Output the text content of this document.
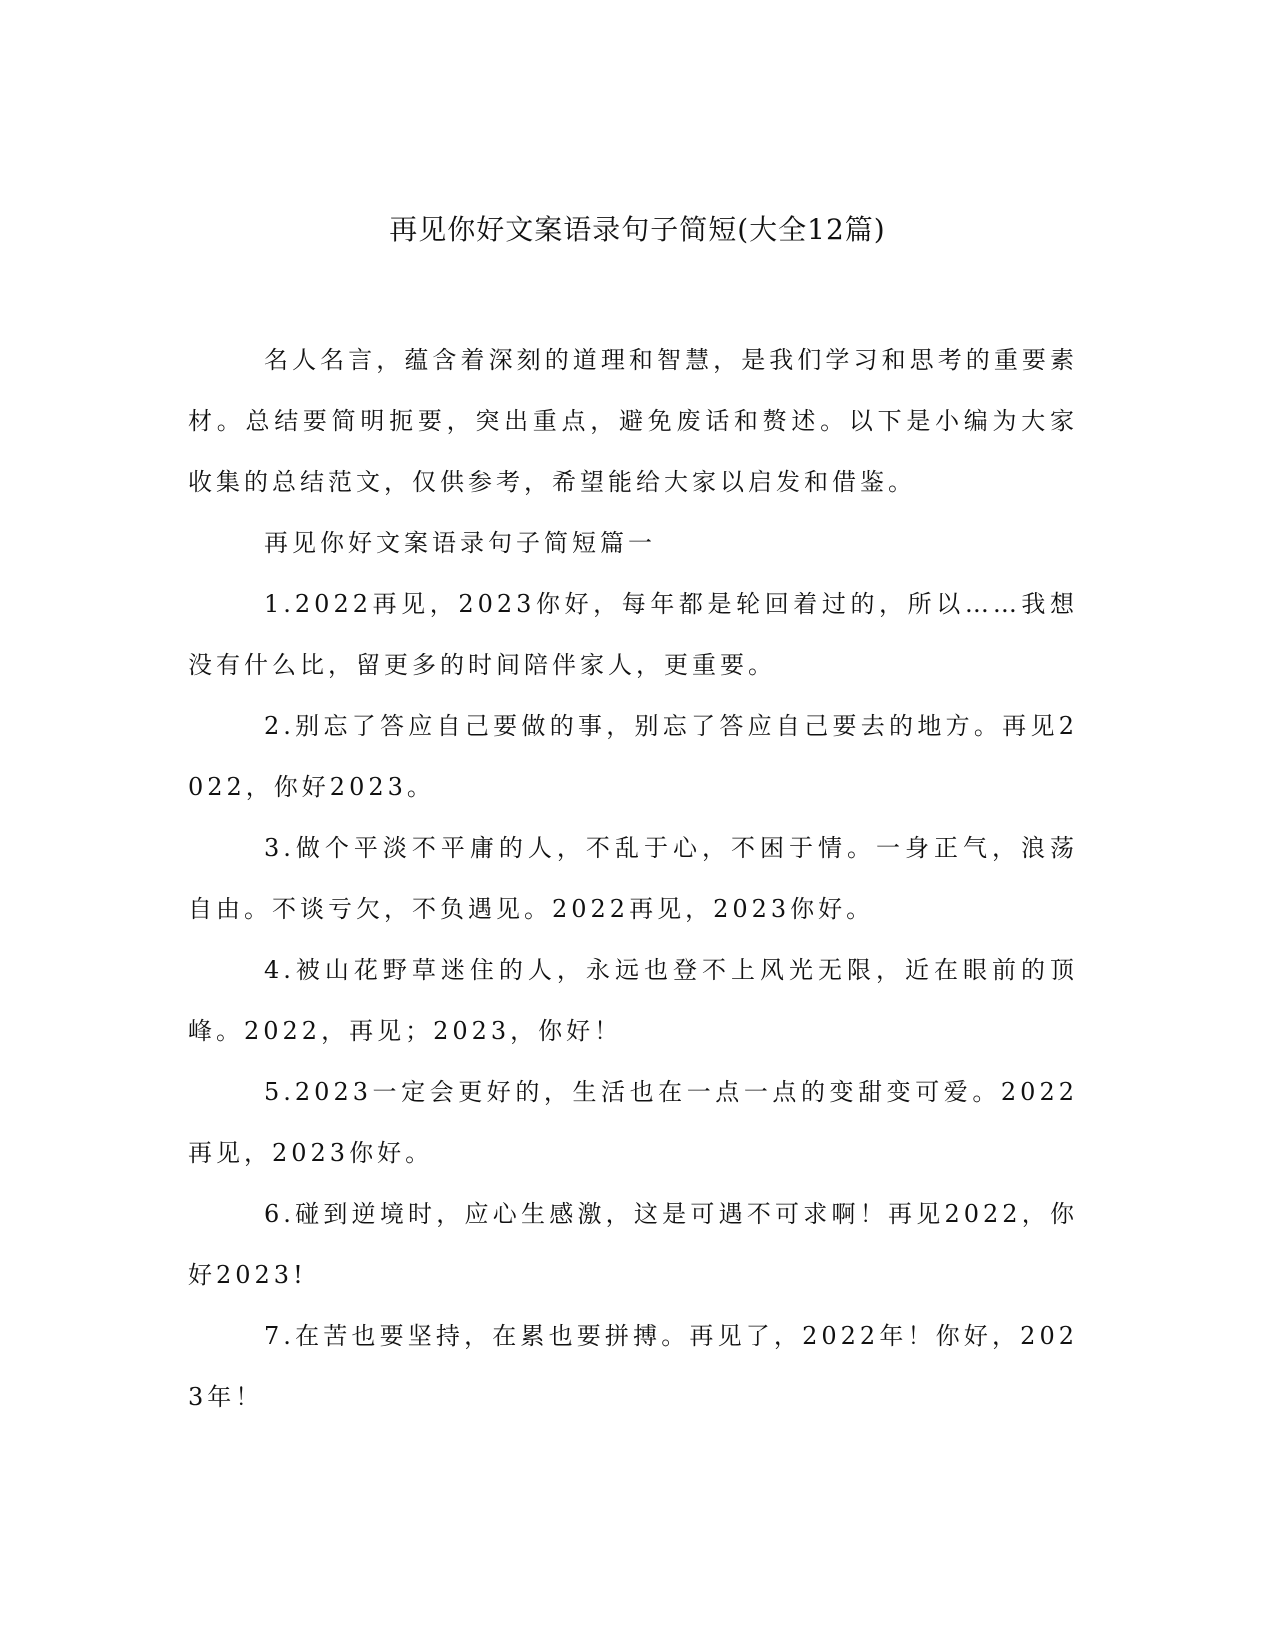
再见你好文案语录句子简短(大全12篇)

名人名言，蕴含着深刻的道理和智慧，是我们学习和思考的重要素材。总结要简明扼要，突出重点，避免废话和赘述。以下是小编为大家收集的总结范文，仅供参考，希望能给大家以启发和借鉴。

再见你好文案语录句子简短篇一

1.2022再见，2023你好，每年都是轮回着过的，所以……我想没有什么比，留更多的时间陪伴家人，更重要。

2.别忘了答应自己要做的事，别忘了答应自己要去的地方。再见2022，你好2023。

3.做个平淡不平庸的人，不乱于心，不困于情。一身正气，浪荡自由。不谈亏欠，不负遇见。2022再见，2023你好。

4.被山花野草迷住的人，永远也登不上风光无限，近在眼前的顶峰。2022，再见；2023，你好！

5.2023一定会更好的，生活也在一点一点的变甜变可爱。2022再见，2023你好。

6.碰到逆境时，应心生感激，这是可遇不可求啊！再见2022，你好2023!

7.在苦也要坚持，在累也要拼搏。再见了，2022年！你好，2023年！
